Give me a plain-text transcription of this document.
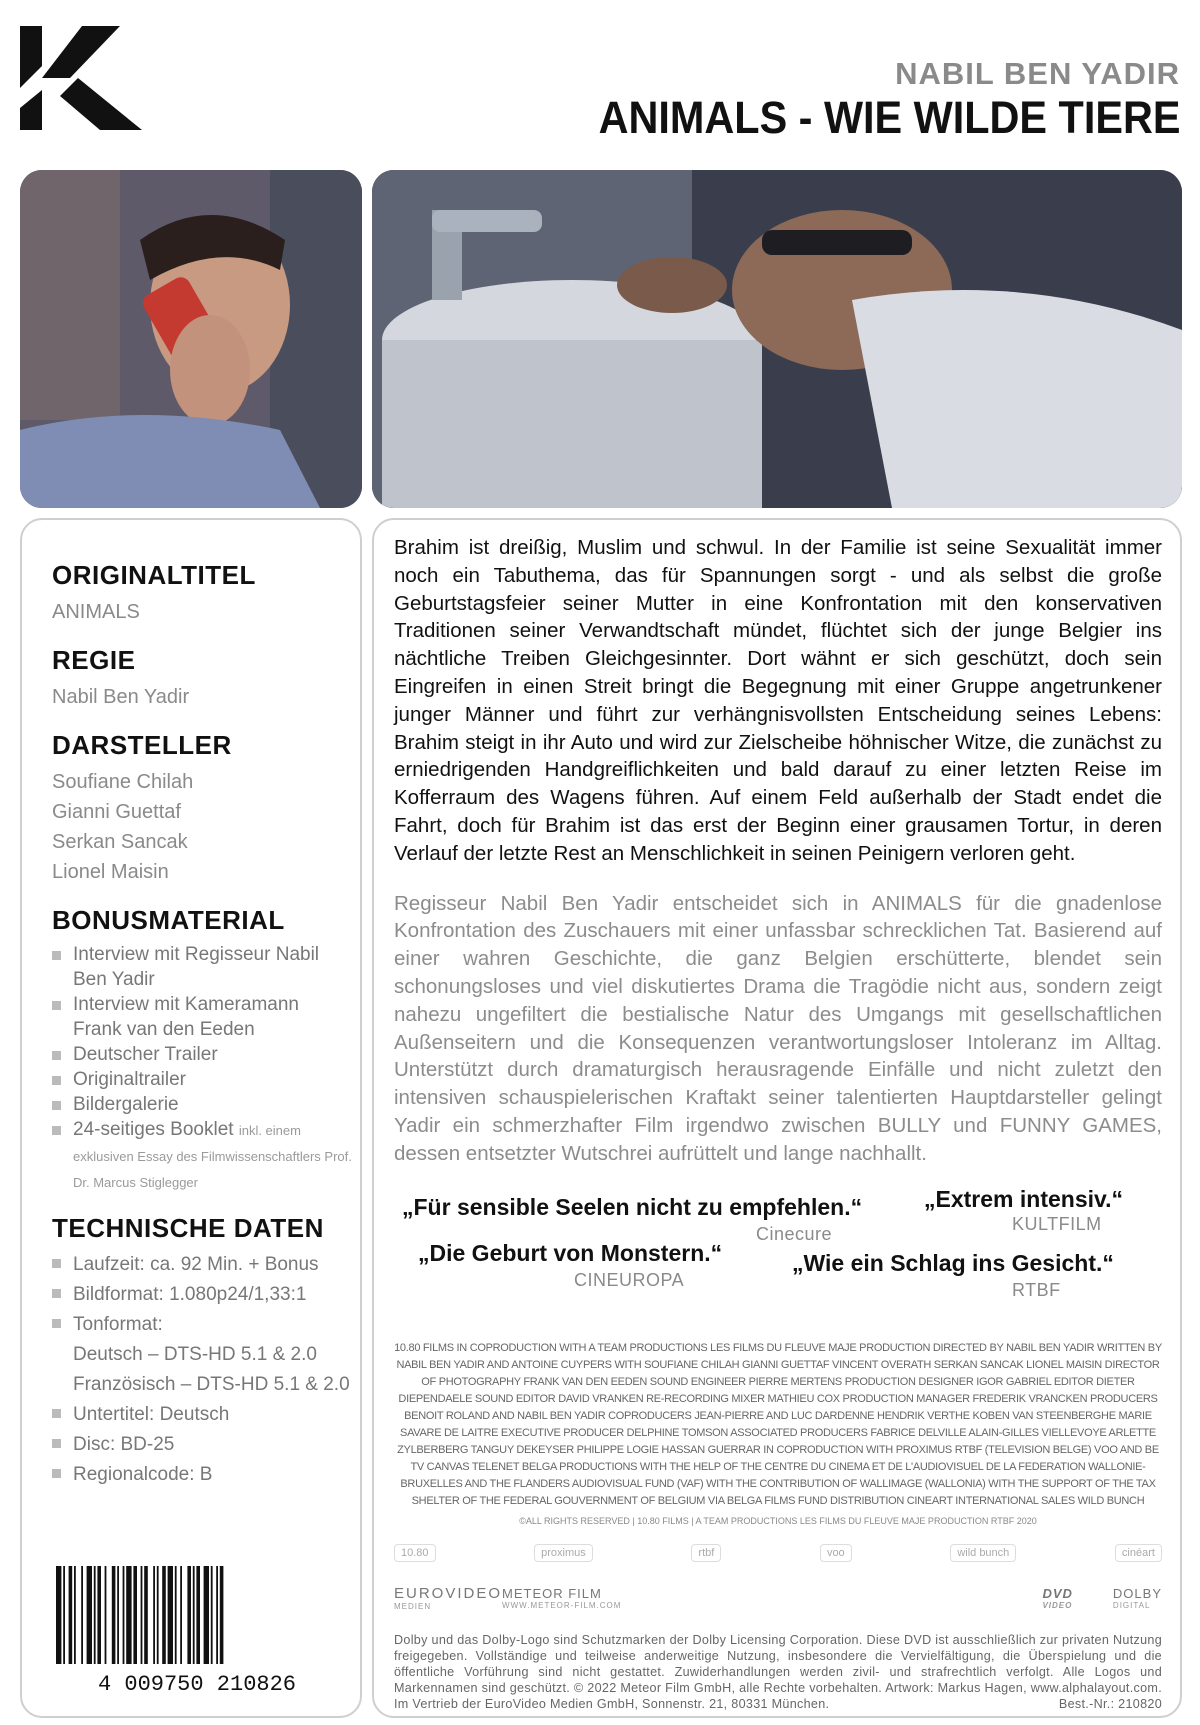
NABIL BEN YADIR
ANIMALS - WIE WILDE TIERE
ORIGINALTITEL
ANIMALS
REGIE
Nabil Ben Yadir
DARSTELLER
Soufiane Chilah
Gianni Guettaf
Serkan Sancak
Lionel Maisin
BONUSMATERIAL
Interview mit Regisseur Nabil Ben Yadir
Interview mit Kameramann Frank van den Eeden
Deutscher Trailer
Originaltrailer
Bildergalerie
24-seitiges Booklet inkl. einem exklusiven Essay des Filmwissenschaftlers Prof. Dr. Marcus Stiglegger
TECHNISCHE DATEN
Laufzeit: ca. 92 Min. + Bonus
Bildformat: 1.080p24/1,33:1
Tonformat:
Deutsch – DTS-HD 5.1 & 2.0
Französisch – DTS-HD 5.1 & 2.0
Untertitel: Deutsch
Disc: BD-25
Regionalcode: B
4 009750 210826

Brahim ist dreißig, Muslim und schwul. In der Familie ist seine Sexualität immer noch ein Tabuthema, das für Spannungen sorgt - und als selbst die große Geburtstagsfeier seiner Mutter in eine Konfrontation mit den konservativen Traditionen seiner Verwandtschaft mündet, flüchtet sich der junge Belgier ins nächtliche Treiben Gleichgesinnter. Dort wähnt er sich geschützt, doch sein Eingreifen in einen Streit bringt die Begegnung mit einer Gruppe angetrunkener junger Männer und führt zur verhängnisvollsten Entscheidung seines Lebens: Brahim steigt in ihr Auto und wird zur Zielscheibe höhnischer Witze, die zunächst zu erniedrigenden Handgreiflichkeiten und bald darauf zu einer letzten Reise im Kofferraum des Wagens führen. Auf einem Feld außerhalb der Stadt endet die Fahrt, doch für Brahim ist das erst der Beginn einer grausamen Tortur, in deren Verlauf der letzte Rest an Menschlichkeit in seinen Peinigern verloren geht.

Regisseur Nabil Ben Yadir entscheidet sich in ANIMALS für die gnadenlose Konfrontation des Zuschauers mit einer unfassbar schrecklichen Tat. Basierend auf einer wahren Geschichte, die ganz Belgien erschütterte, blendet sein schonungsloses und viel diskutiertes Drama die Tragödie nicht aus, sondern zeigt nahezu ungefiltert die bestialische Natur des Umgangs mit gesellschaftlichen Außenseitern und die Konsequenzen verantwortungsloser Intoleranz im Alltag. Unterstützt durch dramaturgisch herausragende Einfälle und nicht zuletzt den intensiven schauspielerischen Kraftakt seiner talentierten Hauptdarsteller gelingt Yadir ein schmerzhafter Film irgendwo zwischen BULLY und FUNNY GAMES, dessen entsetzter Wutschrei aufrüttelt und lange nachhallt.

„Für sensible Seelen nicht zu empfehlen.“
Cinecure
„Extrem intensiv.“
KULTFILM
„Die Geburt von Monstern.“
CINEUROPA
„Wie ein Schlag ins Gesicht.“
RTBF
10.80 FILMS IN COPRODUCTION WITH A TEAM PRODUCTIONS LES FILMS DU FLEUVE MAJE PRODUCTION DIRECTED BY NABIL BEN YADIR WRITTEN BY NABIL BEN YADIR AND ANTOINE CUYPERS WITH SOUFIANE CHILAH GIANNI GUETTAF VINCENT OVERATH SERKAN SANCAK LIONEL MAISIN DIRECTOR OF PHOTOGRAPHY FRANK VAN DEN EEDEN SOUND ENGINEER PIERRE MERTENS PRODUCTION DESIGNER IGOR GABRIEL EDITOR DIETER DIEPENDAELE SOUND EDITOR DAVID VRANKEN RE-RECORDING MIXER MATHIEU COX PRODUCTION MANAGER FREDERIK VRANCKEN PRODUCERS BENOIT ROLAND AND NABIL BEN YADIR COPRODUCERS JEAN-PIERRE AND LUC DARDENNE HENDRIK VERTHE KOBEN VAN STEENBERGHE MARIE SAVARE DE LAITRE EXECUTIVE PRODUCER DELPHINE TOMSON ASSOCIATED PRODUCERS FABRICE DELVILLE ALAIN-GILLES VIELLEVOYE ARLETTE ZYLBERBERG TANGUY DEKEYSER PHILIPPE LOGIE HASSAN GUERRAR IN COPRODUCTION WITH PROXIMUS RTBF (TELEVISION BELGE) VOO AND BE TV CANVAS TELENET BELGA PRODUCTIONS WITH THE HELP OF THE CENTRE DU CINEMA ET DE L'AUDIOVISUEL DE LA FEDERATION WALLONIE-BRUXELLES AND THE FLANDERS AUDIOVISUAL FUND (VAF) WITH THE CONTRIBUTION OF WALLIMAGE (WALLONIA) WITH THE SUPPORT OF THE TAX SHELTER OF THE FEDERAL GOUVERNMENT OF BELGIUM VIA BELGA FILMS FUND DISTRIBUTION CINEART INTERNATIONAL SALES WILD BUNCH
©ALL RIGHTS RESERVED | 10.80 FILMS | A TEAM PRODUCTIONS LES FILMS DU FLEUVE MAJE PRODUCTION RTBF 2020
10.80	proximus	rtbf	voo	wild bunch	cinéart
EUROVIDEO
MEDIEN
METEOR FILM
WWW.METEOR-FILM.COM
DVD
VIDEO
DOLBY
DIGITAL
Dolby und das Dolby-Logo sind Schutzmarken der Dolby Licensing Corporation. Diese DVD ist ausschließlich zur privaten Nutzung freigegeben. Vollständige und teilweise anderweitige Nutzung, insbesondere die Vervielfältigung, die Überspielung und die öffentliche Vorführung sind nicht gestattet. Zuwiderhandlungen werden zivil- und strafrechtlich verfolgt. Alle Logos und Markennamen sind geschützt. © 2022 Meteor Film GmbH, alle Rechte vorbehalten. Artwork: Markus Hagen, www.alphalayout.com. Im Vertrieb der EuroVideo Medien GmbH, Sonnenstr. 21, 80331 München.	Best.-Nr.: 210820
